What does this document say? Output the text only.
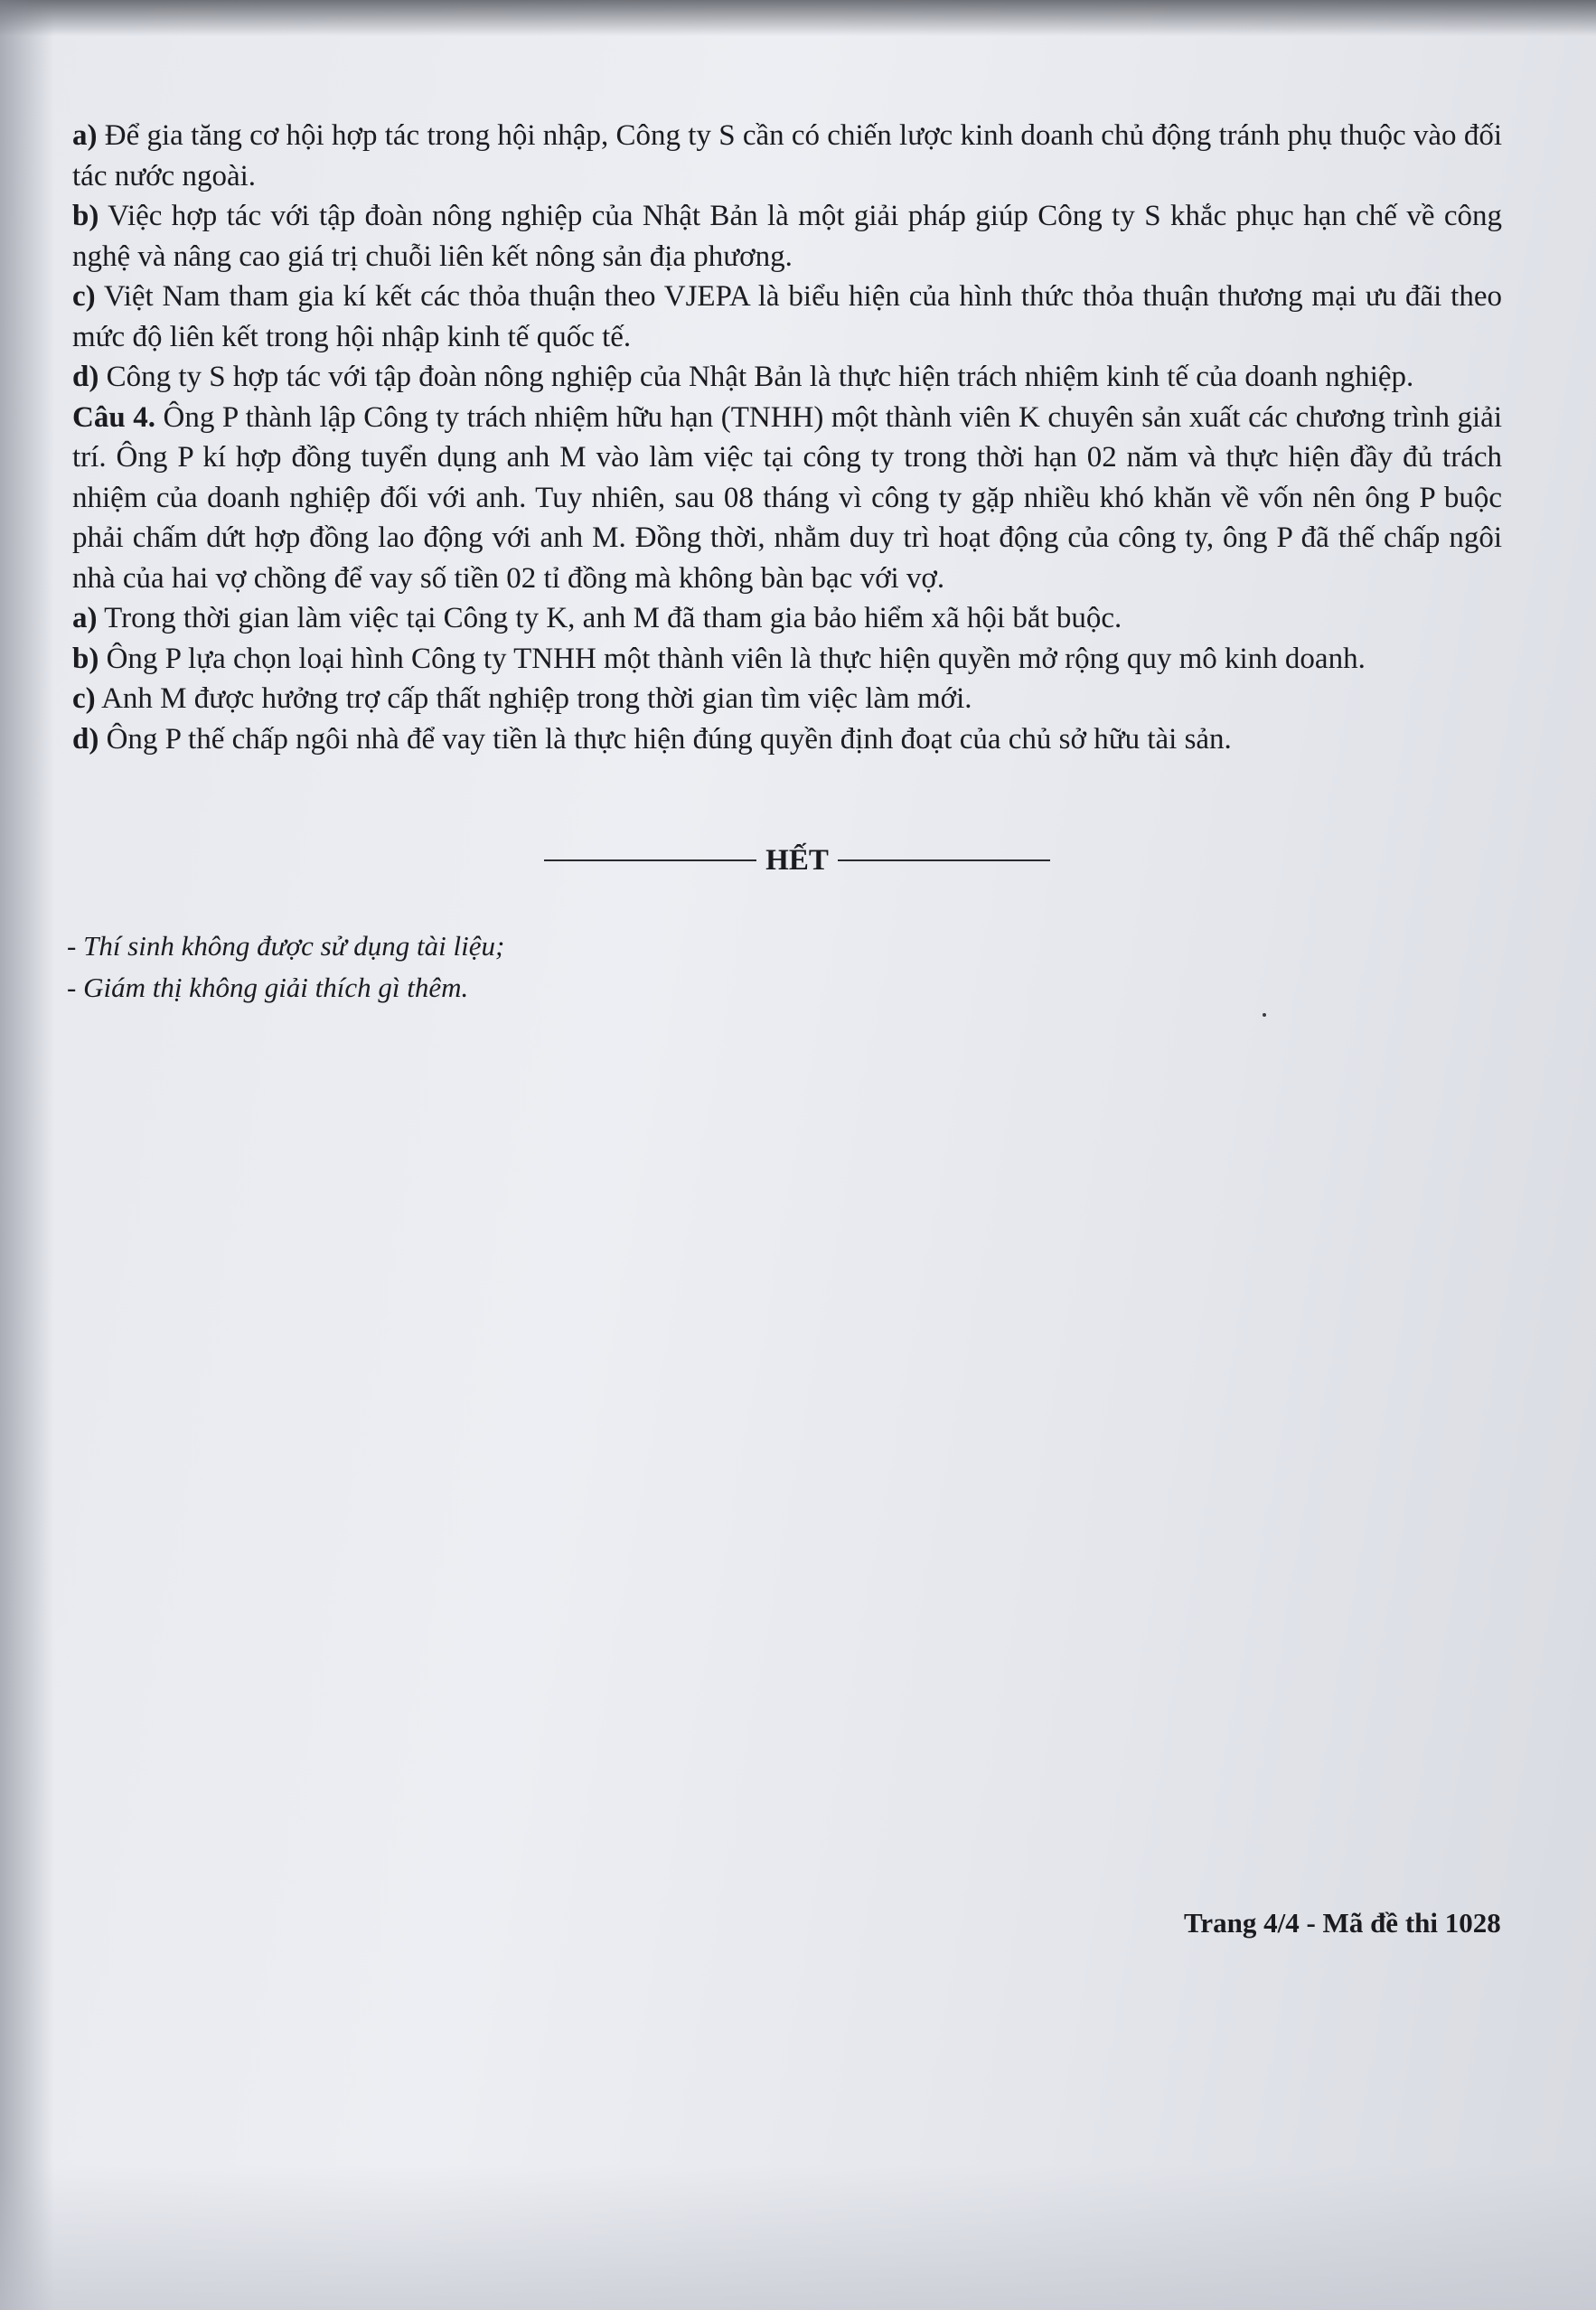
a) Để gia tăng cơ hội hợp tác trong hội nhập, Công ty S cần có chiến lược kinh doanh chủ động tránh phụ thuộc vào đối tác nước ngoài.

b) Việc hợp tác với tập đoàn nông nghiệp của Nhật Bản là một giải pháp giúp Công ty S khắc phục hạn chế về công nghệ và nâng cao giá trị chuỗi liên kết nông sản địa phương.

c) Việt Nam tham gia kí kết các thỏa thuận theo VJEPA là biểu hiện của hình thức thỏa thuận thương mại ưu đãi theo mức độ liên kết trong hội nhập kinh tế quốc tế.

d) Công ty S hợp tác với tập đoàn nông nghiệp của Nhật Bản là thực hiện trách nhiệm kinh tế của doanh nghiệp.

Câu 4. Ông P thành lập Công ty trách nhiệm hữu hạn (TNHH) một thành viên K chuyên sản xuất các chương trình giải trí. Ông P kí hợp đồng tuyển dụng anh M vào làm việc tại công ty trong thời hạn 02 năm và thực hiện đầy đủ trách nhiệm của doanh nghiệp đối với anh. Tuy nhiên, sau 08 tháng vì công ty gặp nhiều khó khăn về vốn nên ông P buộc phải chấm dứt hợp đồng lao động với anh M. Đồng thời, nhằm duy trì hoạt động của công ty, ông P đã thế chấp ngôi nhà của hai vợ chồng để vay số tiền 02 tỉ đồng mà không bàn bạc với vợ.

a) Trong thời gian làm việc tại Công ty K, anh M đã tham gia bảo hiểm xã hội bắt buộc.

b) Ông P lựa chọn loại hình Công ty TNHH một thành viên là thực hiện quyền mở rộng quy mô kinh doanh.

c) Anh M được hưởng trợ cấp thất nghiệp trong thời gian tìm việc làm mới.

d) Ông P thế chấp ngôi nhà để vay tiền là thực hiện đúng quyền định đoạt của chủ sở hữu tài sản.

HẾT

- Thí sinh không được sử dụng tài liệu;

- Giám thị không giải thích gì thêm.

Trang 4/4 - Mã đề thi 1028
